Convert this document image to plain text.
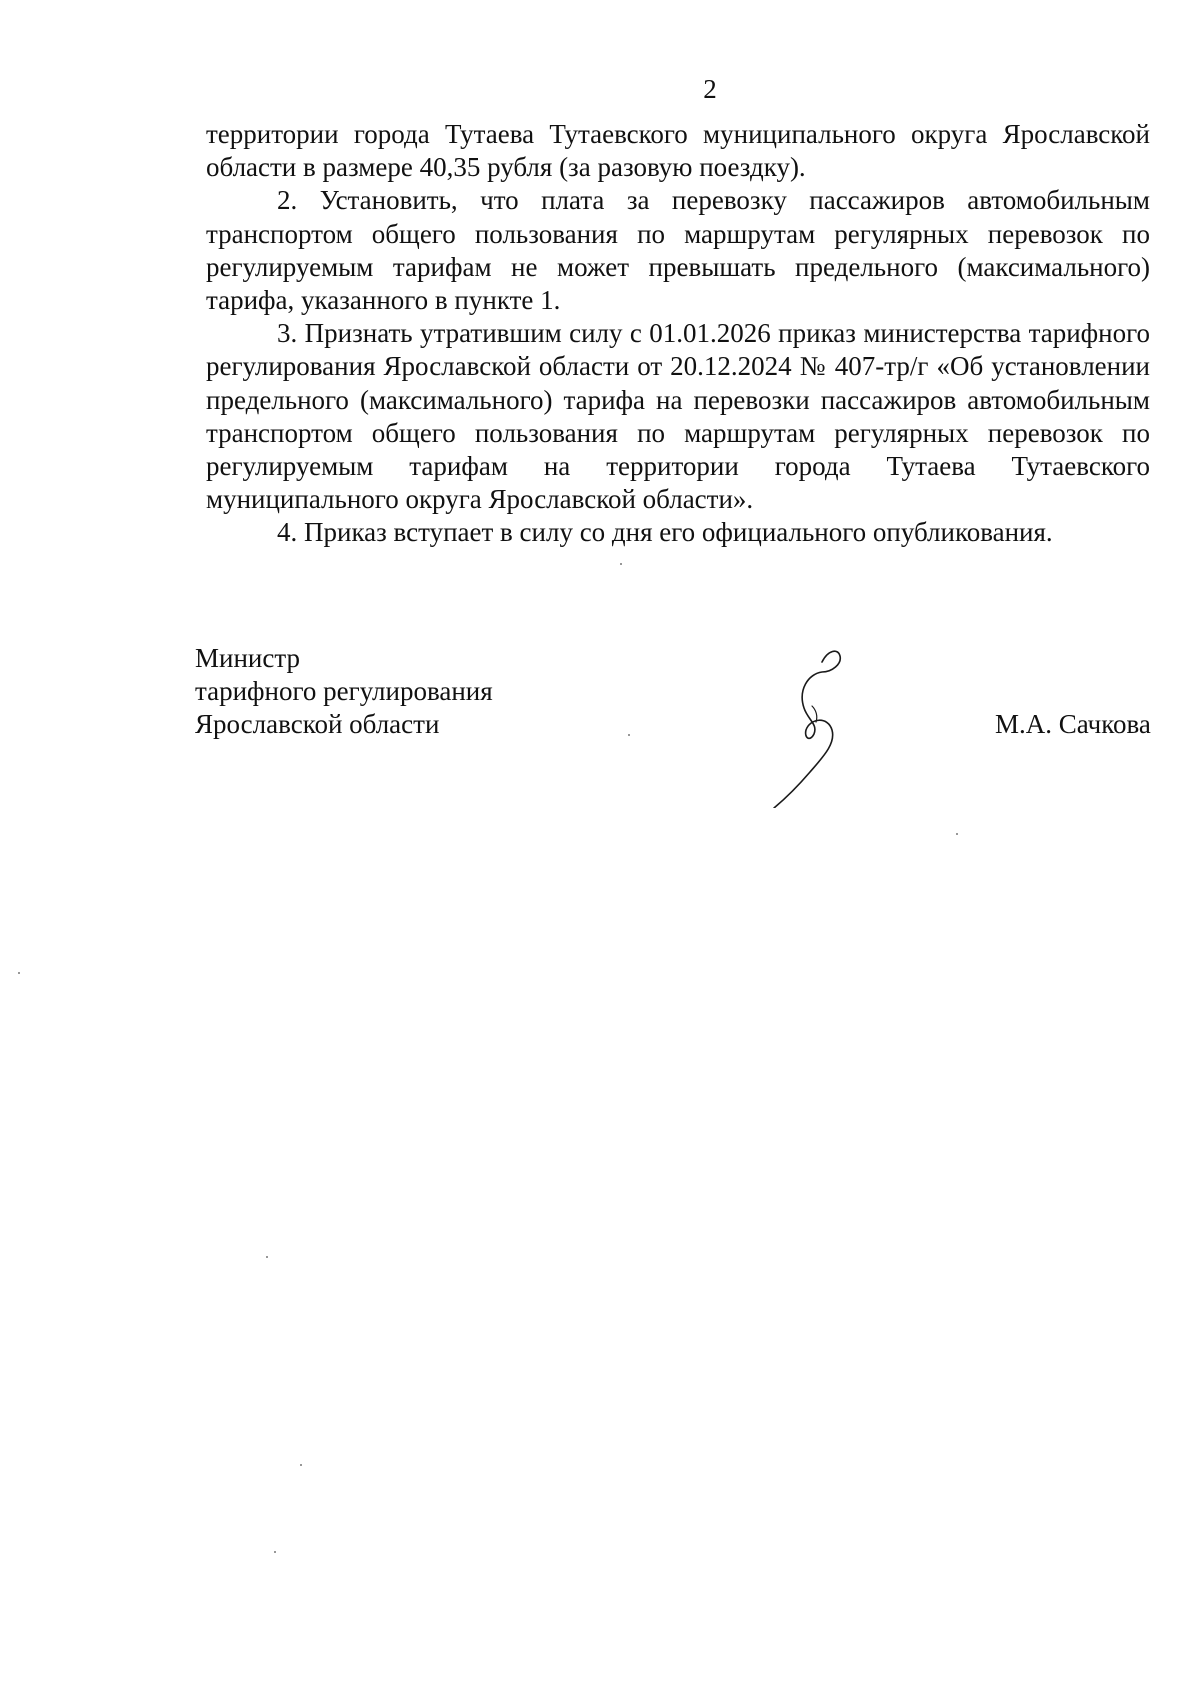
2

территории города Тутаева Тутаевского муниципального округа Ярославской области в размере 40,35 рубля (за разовую поездку).

2. Установить, что плата за перевозку пассажиров автомобильным транспортом общего пользования по маршрутам регулярных перевозок по регулируемым тарифам не может превышать предельного (максимального) тарифа, указанного в пункте 1.

3. Признать утратившим силу с 01.01.2026 приказ министерства тарифного регулирования Ярославской области от 20.12.2024 № 407-тр/г «Об установлении предельного (максимального) тарифа на перевозки пассажиров автомобильным транспортом общего пользования по маршрутам регулярных перевозок по регулируемым тарифам на территории города Тутаева Тутаевского муниципального округа Ярославской области».

4. Приказ вступает в силу со дня его официального опубликования.

Министр
тарифного регулирования
Ярославской области	М.А. Сачкова
